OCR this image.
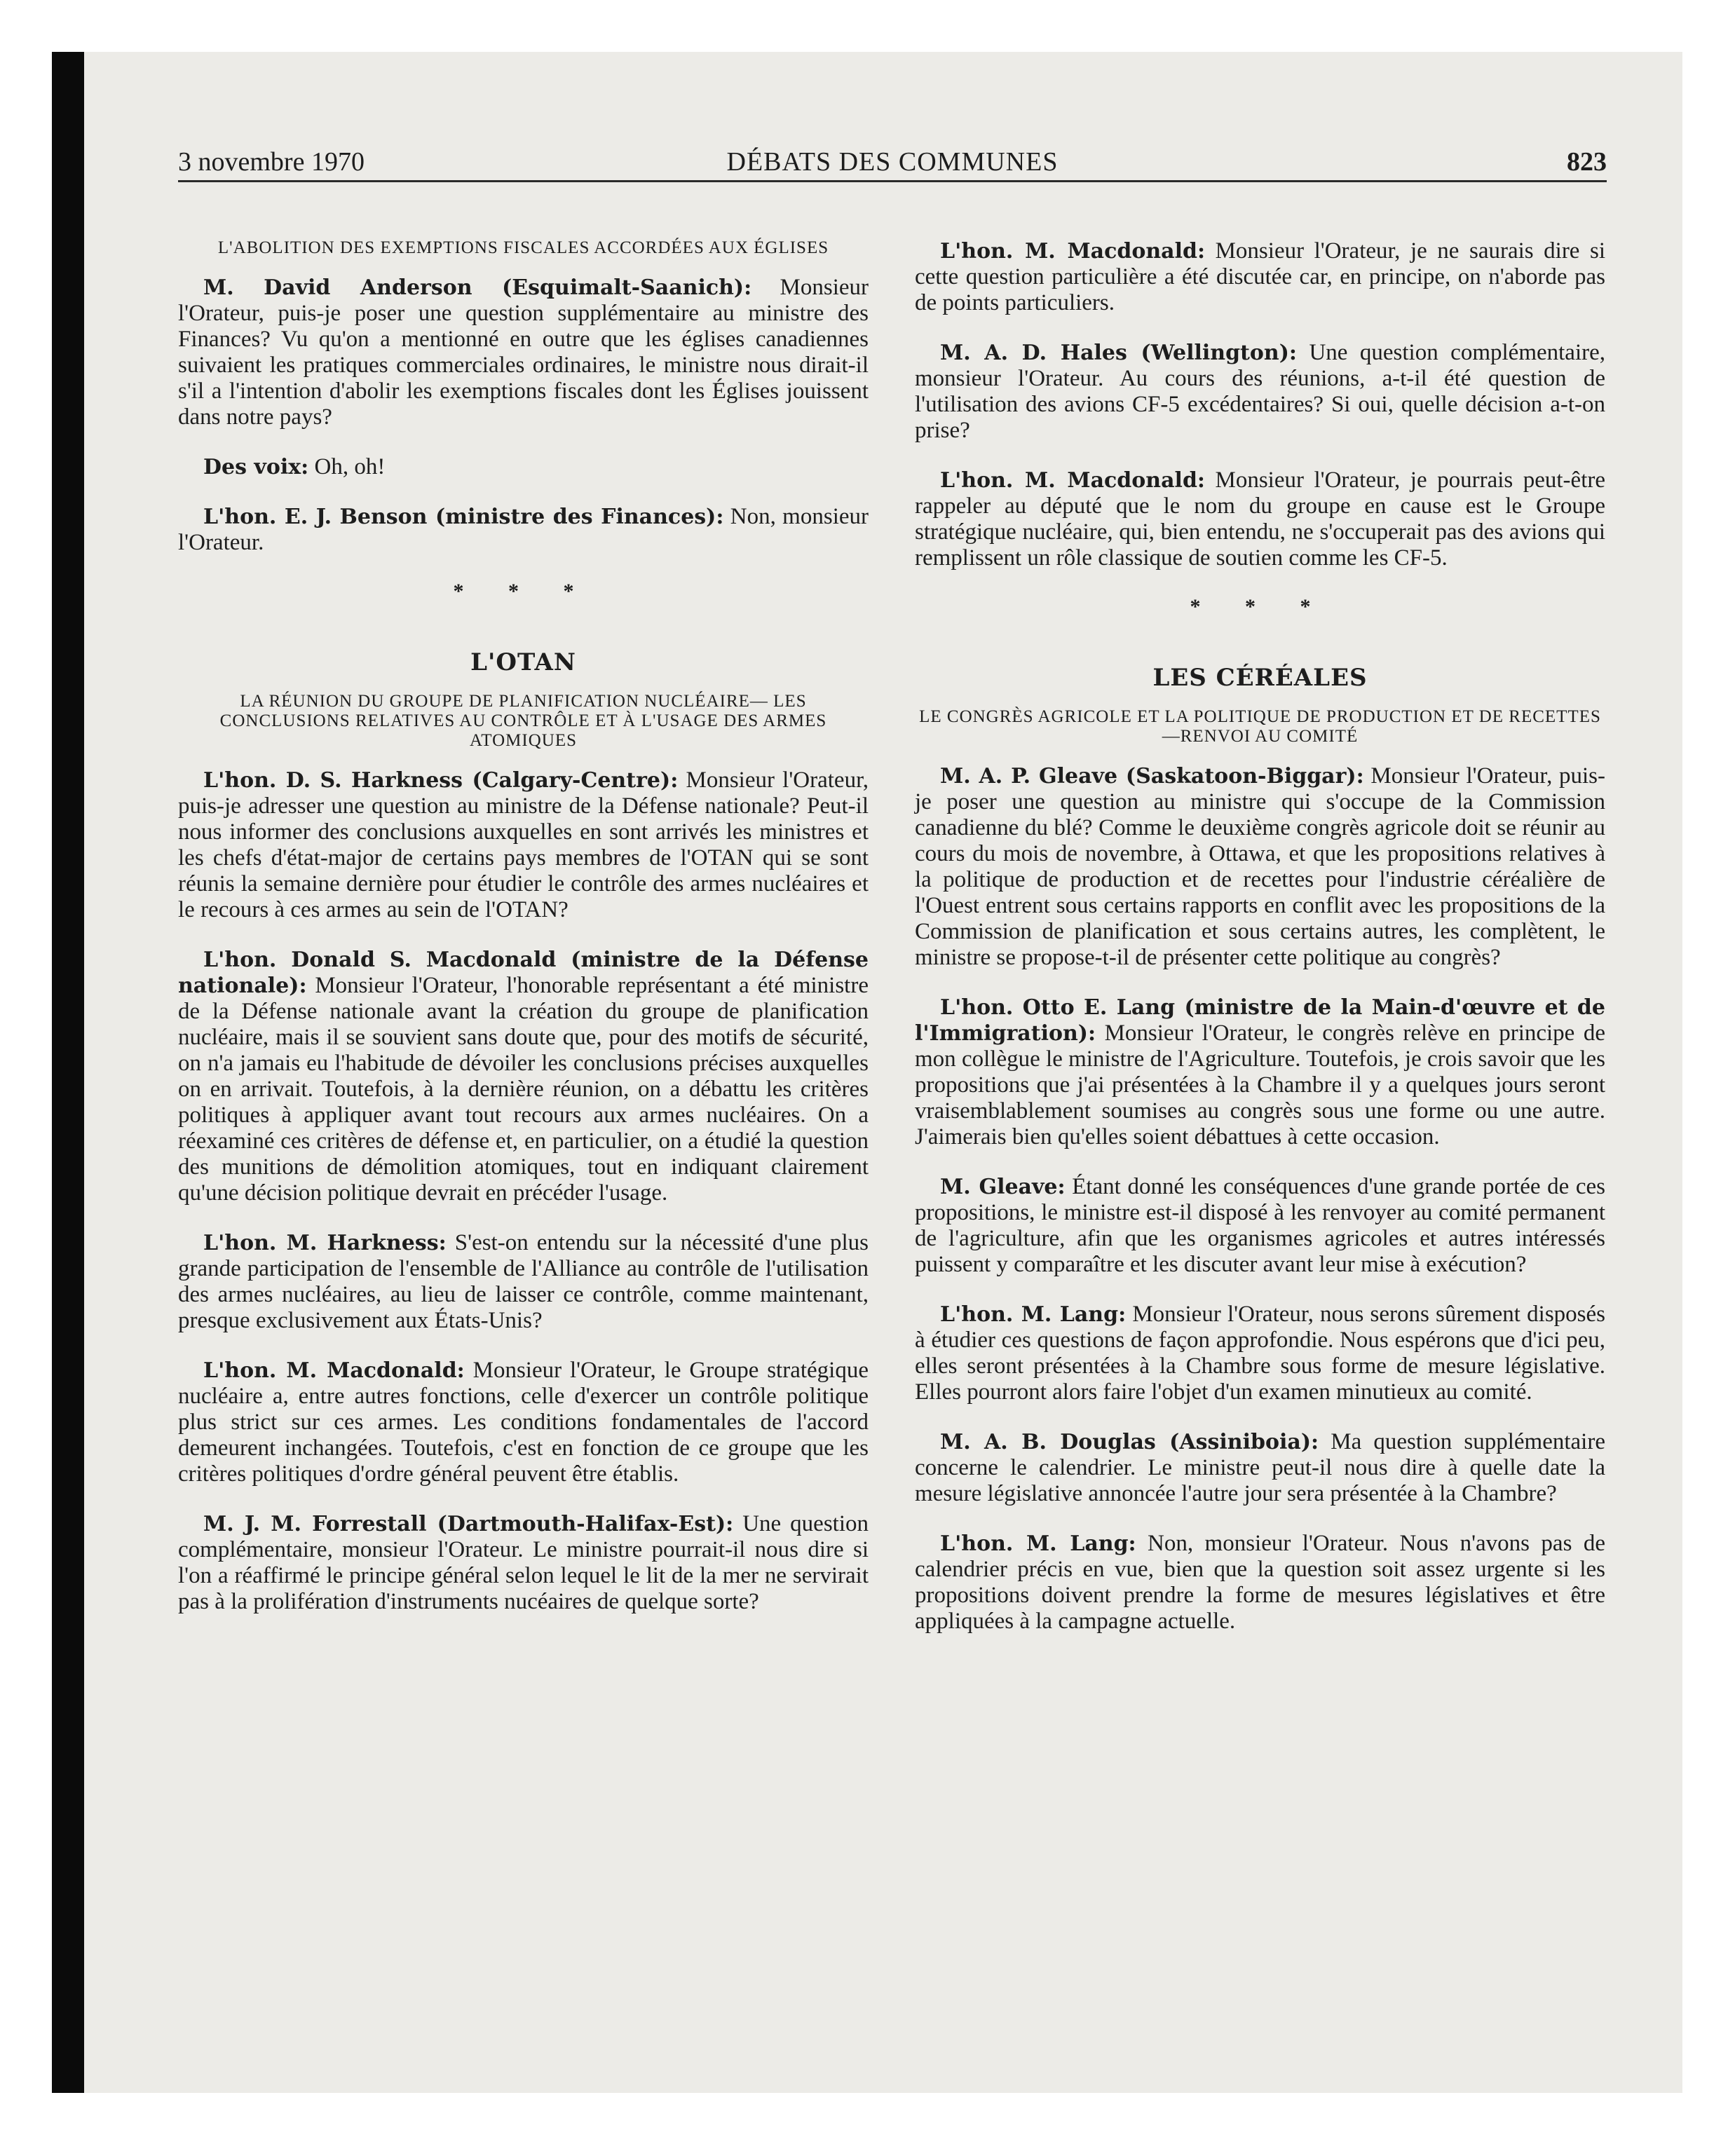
3 novembre 1970	DÉBATS DES COMMUNES	823
L'ABOLITION DES EXEMPTIONS FISCALES ACCORDÉES AUX ÉGLISES

M. David Anderson (Esquimalt-Saanich): Monsieur l'Orateur, puis-je poser une question supplémentaire au ministre des Finances? Vu qu'on a mentionné en outre que les églises canadiennes suivaient les pratiques commerciales ordinaires, le ministre nous dirait-il s'il a l'intention d'abolir les exemptions fiscales dont les Églises jouissent dans notre pays?

Des voix: Oh, oh!

L'hon. E. J. Benson (ministre des Finances): Non, monsieur l'Orateur.

* * *
L'OTAN
LA RÉUNION DU GROUPE DE PLANIFICATION NUCLÉAIRE— LES CONCLUSIONS RELATIVES AU CONTRÔLE ET À L'USAGE DES ARMES ATOMIQUES

L'hon. D. S. Harkness (Calgary-Centre): Monsieur l'Orateur, puis-je adresser une question au ministre de la Défense nationale? Peut-il nous informer des conclusions auxquelles en sont arrivés les ministres et les chefs d'état-major de certains pays membres de l'OTAN qui se sont réunis la semaine dernière pour étudier le contrôle des armes nucléaires et le recours à ces armes au sein de l'OTAN?

L'hon. Donald S. Macdonald (ministre de la Défense nationale): Monsieur l'Orateur, l'honorable représentant a été ministre de la Défense nationale avant la création du groupe de planification nucléaire, mais il se souvient sans doute que, pour des motifs de sécurité, on n'a jamais eu l'habitude de dévoiler les conclusions précises auxquelles on en arrivait. Toutefois, à la dernière réunion, on a débattu les critères politiques à appliquer avant tout recours aux armes nucléaires. On a réexaminé ces critères de défense et, en particulier, on a étudié la question des munitions de démolition atomiques, tout en indiquant clairement qu'une décision politique devrait en précéder l'usage.

L'hon. M. Harkness: S'est-on entendu sur la nécessité d'une plus grande participation de l'ensemble de l'Alliance au contrôle de l'utilisation des armes nucléaires, au lieu de laisser ce contrôle, comme maintenant, presque exclusivement aux États-Unis?

L'hon. M. Macdonald: Monsieur l'Orateur, le Groupe stratégique nucléaire a, entre autres fonctions, celle d'exercer un contrôle politique plus strict sur ces armes. Les conditions fondamentales de l'accord demeurent inchangées. Toutefois, c'est en fonction de ce groupe que les critères politiques d'ordre général peuvent être établis.

M. J. M. Forrestall (Dartmouth-Halifax-Est): Une question complémentaire, monsieur l'Orateur. Le ministre pourrait-il nous dire si l'on a réaffirmé le principe général selon lequel le lit de la mer ne servirait pas à la prolifération d'instruments nucéaires de quelque sorte?

L'hon. M. Macdonald: Monsieur l'Orateur, je ne saurais dire si cette question particulière a été discutée car, en principe, on n'aborde pas de points particuliers.

M. A. D. Hales (Wellington): Une question complémentaire, monsieur l'Orateur. Au cours des réunions, a-t-il été question de l'utilisation des avions CF-5 excédentaires? Si oui, quelle décision a-t-on prise?

L'hon. M. Macdonald: Monsieur l'Orateur, je pourrais peut-être rappeler au député que le nom du groupe en cause est le Groupe stratégique nucléaire, qui, bien entendu, ne s'occuperait pas des avions qui remplissent un rôle classique de soutien comme les CF-5.

* * *
LES CÉRÉALES
LE CONGRÈS AGRICOLE ET LA POLITIQUE DE PRODUCTION ET DE RECETTES—RENVOI AU COMITÉ

M. A. P. Gleave (Saskatoon-Biggar): Monsieur l'Orateur, puis-je poser une question au ministre qui s'occupe de la Commission canadienne du blé? Comme le deuxième congrès agricole doit se réunir au cours du mois de novembre, à Ottawa, et que les propositions relatives à la politique de production et de recettes pour l'industrie céréalière de l'Ouest entrent sous certains rapports en conflit avec les propositions de la Commission de planification et sous certains autres, les complètent, le ministre se propose-t-il de présenter cette politique au congrès?

L'hon. Otto E. Lang (ministre de la Main-d'œuvre et de l'Immigration): Monsieur l'Orateur, le congrès relève en principe de mon collègue le ministre de l'Agriculture. Toutefois, je crois savoir que les propositions que j'ai présentées à la Chambre il y a quelques jours seront vraisemblablement soumises au congrès sous une forme ou une autre. J'aimerais bien qu'elles soient débattues à cette occasion.

M. Gleave: Étant donné les conséquences d'une grande portée de ces propositions, le ministre est-il disposé à les renvoyer au comité permanent de l'agriculture, afin que les organismes agricoles et autres intéressés puissent y comparaître et les discuter avant leur mise à exécution?

L'hon. M. Lang: Monsieur l'Orateur, nous serons sûrement disposés à étudier ces questions de façon approfondie. Nous espérons que d'ici peu, elles seront présentées à la Chambre sous forme de mesure législative. Elles pourront alors faire l'objet d'un examen minutieux au comité.

M. A. B. Douglas (Assiniboia): Ma question supplémentaire concerne le calendrier. Le ministre peut-il nous dire à quelle date la mesure législative annoncée l'autre jour sera présentée à la Chambre?

L'hon. M. Lang: Non, monsieur l'Orateur. Nous n'avons pas de calendrier précis en vue, bien que la question soit assez urgente si les propositions doivent prendre la forme de mesures législatives et être appliquées à la campagne actuelle.
